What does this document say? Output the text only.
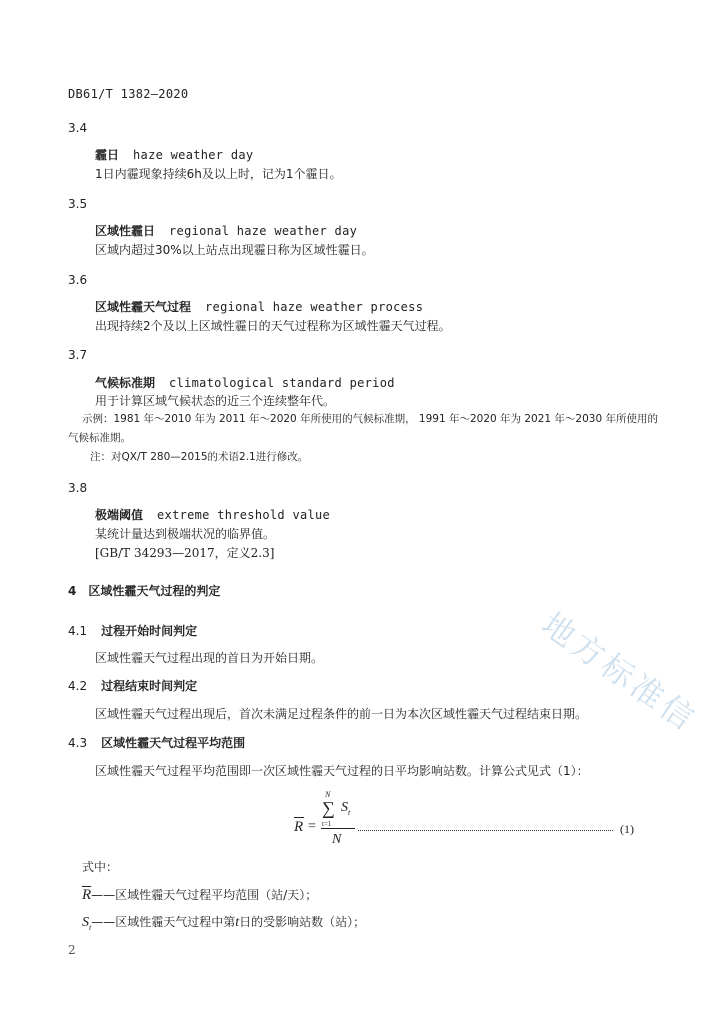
地方标准信
DB61/T 1382—2020
3.4
霾日 haze weather day
1日内霾现象持续6h及以上时，记为1个霾日。
3.5
区域性霾日 regional haze weather day
区域内超过30%以上站点出现霾日称为区域性霾日。
3.6
区域性霾天气过程 regional haze weather process
出现持续2个及以上区域性霾日的天气过程称为区域性霾天气过程。
3.7
气候标准期 climatological standard period
用于计算区域气候状态的近三个连续整年代。
示例：1981 年～2010 年为 2011 年～2020 年所使用的气候标准期， 1991 年～2020 年为 2021 年～2030 年所使用的
气候标准期。
注：对QX/T 280—2015的术语2.1进行修改。
3.8
极端阈值 extreme threshold value
某统计量达到极端状况的临界值。
[GB/T 34293—2017，定义2.3]
4 区域性霾天气过程的判定
4.1 过程开始时间判定
区域性霾天气过程出现的首日为开始日期。
4.2 过程结束时间判定
区域性霾天气过程出现后，首次未满足过程条件的前一日为本次区域性霾天气过程结束日期。
4.3 区域性霾天气过程平均范围
区域性霾天气过程平均范围即一次区域性霾天气过程的日平均影响站数。计算公式见式（1）：
R =
N
∑
t=1
$S_t$
N
(1)
式中：
$\overline{R}——$区域性霾天气过程平均范围（站/天）；
$S_t——$区域性霾天气过程中第t日的受影响站数（站）；
2
